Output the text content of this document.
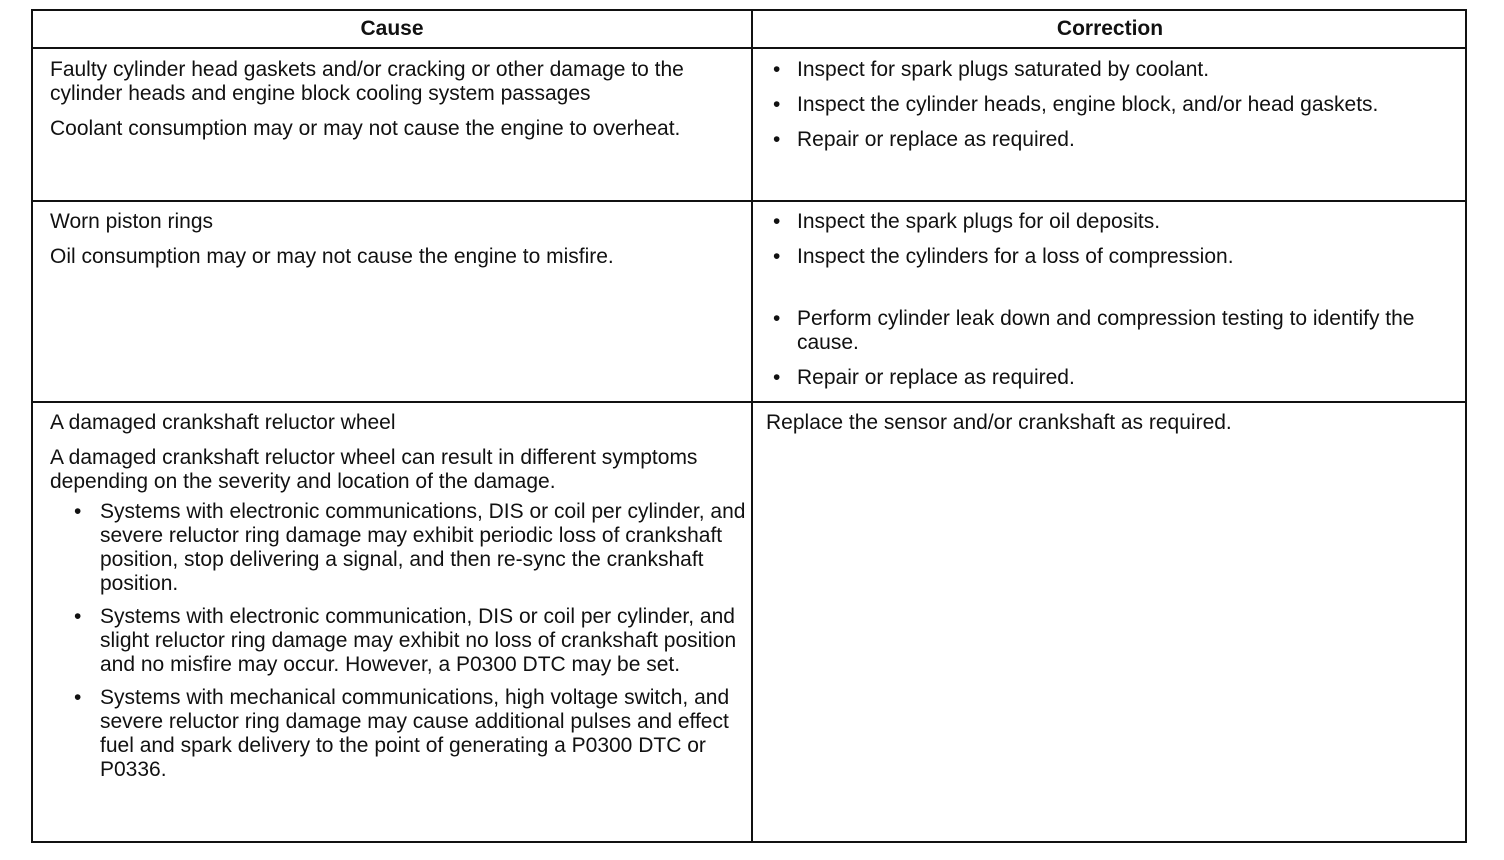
Cause	Correction

Faulty cylinder head gaskets and/or cracking or other damage to the cylinder heads and engine block cooling system passages

Coolant consumption may or may not cause the engine to overheat.

• Inspect for spark plugs saturated by coolant.
• Inspect the cylinder heads, engine block, and/or head gaskets.
• Repair or replace as required.

Worn piston rings

Oil consumption may or may not cause the engine to misfire.

• Inspect the spark plugs for oil deposits.
• Inspect the cylinders for a loss of compression.
• Perform cylinder leak down and compression testing to identify the cause.
• Repair or replace as required.

A damaged crankshaft reluctor wheel

A damaged crankshaft reluctor wheel can result in different symptoms depending on the severity and location of the damage.

• Systems with electronic communications, DIS or coil per cylinder, and severe reluctor ring damage may exhibit periodic loss of crankshaft position, stop delivering a signal, and then re-sync the crankshaft position.
• Systems with electronic communication, DIS or coil per cylinder, and slight reluctor ring damage may exhibit no loss of crankshaft position and no misfire may occur. However, a P0300 DTC may be set.
• Systems with mechanical communications, high voltage switch, and severe reluctor ring damage may cause additional pulses and effect fuel and spark delivery to the point of generating a P0300 DTC or P0336.

Replace the sensor and/or crankshaft as required.
